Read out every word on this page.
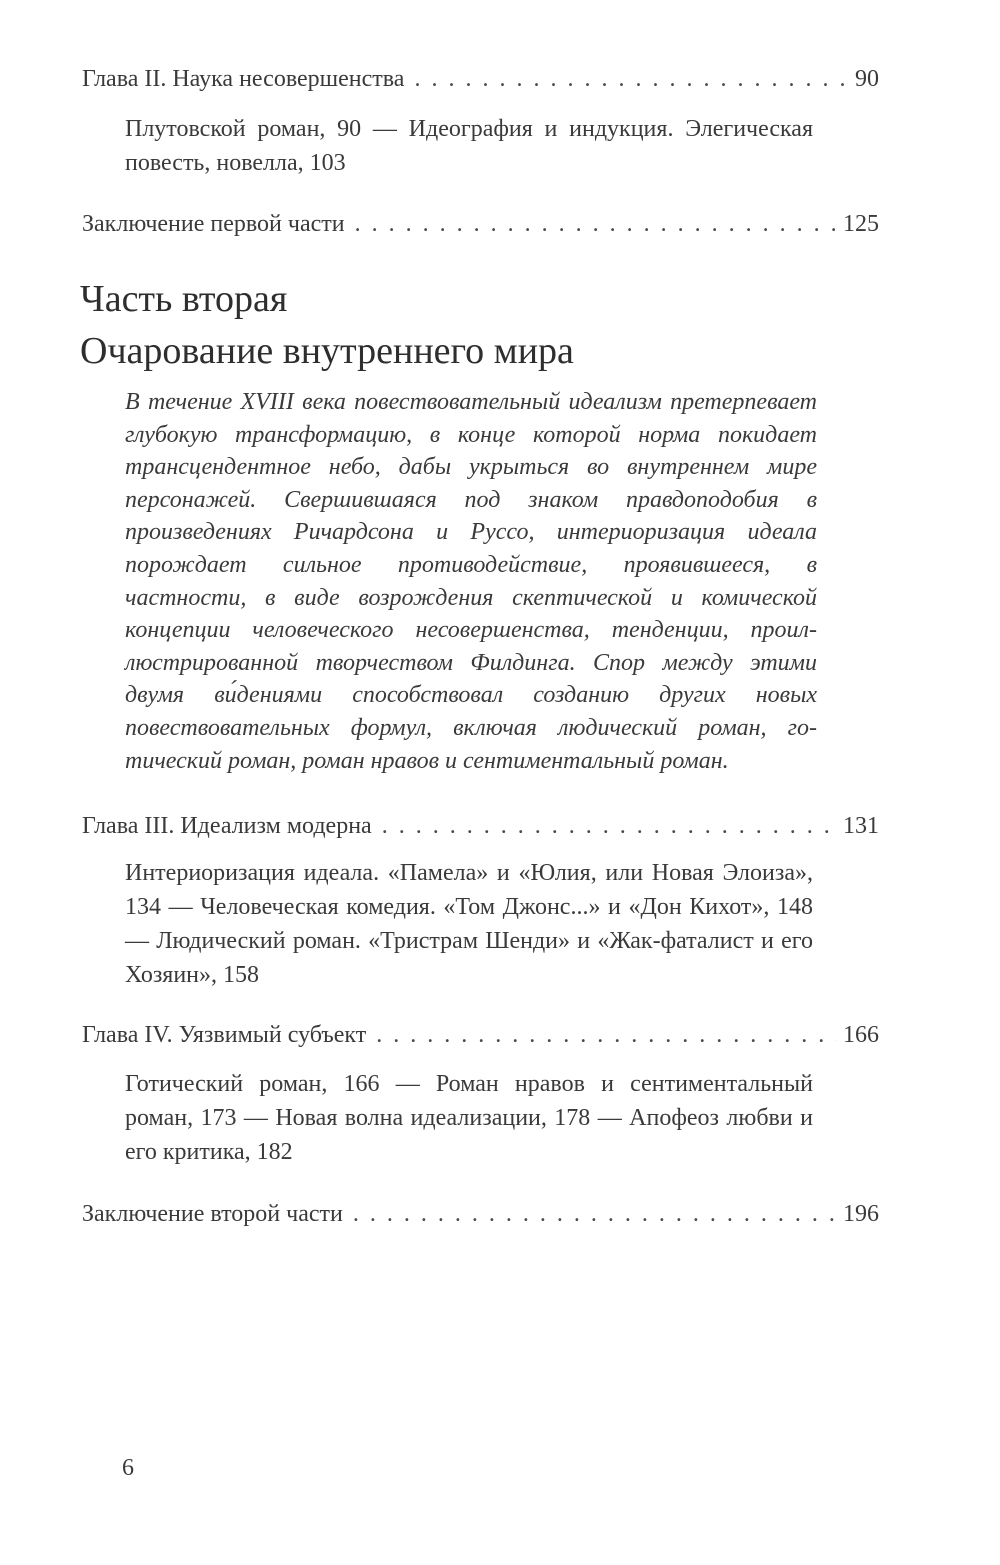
Глава II. Наука несовершенства .....	90
Плутовской роман, 90 — Идеография и индукция. Элегическая повесть, новелла, 103
Заключение первой части .....	125
Часть вторая
Очарование внутреннего мира
В течение XVIII века повествовательный идеализм претерпевает глубокую трансформацию, в конце которой норма покидает трансцендентное небо, дабы укрыться во внутреннем мире персонажей. Свершившаяся под знаком правдоподобия в произведениях Ричардсона и Руссо, интериоризация идеала порождает сильное противодействие, проявившееся, в частности, в виде возрождения скептической и комической концепции человеческого несовершенства, тенденции, проиллюстрированной творчеством Филдинга. Спор между этими двумя ви́дениями способствовал созданию других новых повествовательных формул, включая людический роман, готический роман, роман нравов и сентиментальный роман.
Глава III. Идеализм модерна .....	131
Интериоризация идеала. «Памела» и «Юлия, или Новая Элоиза», 134 — Человеческая комедия. «Том Джонс...» и «Дон Кихот», 148 — Людический роман. «Тристрам Шенди» и «Жак-фаталист и его Хозяин», 158
Глава IV. Уязвимый субъект .....	166
Готический роман, 166 — Роман нравов и сентиментальный роман, 173 — Новая волна идеализации, 178 — Апофеоз любви и его критика, 182
Заключение второй части .....	196
6
